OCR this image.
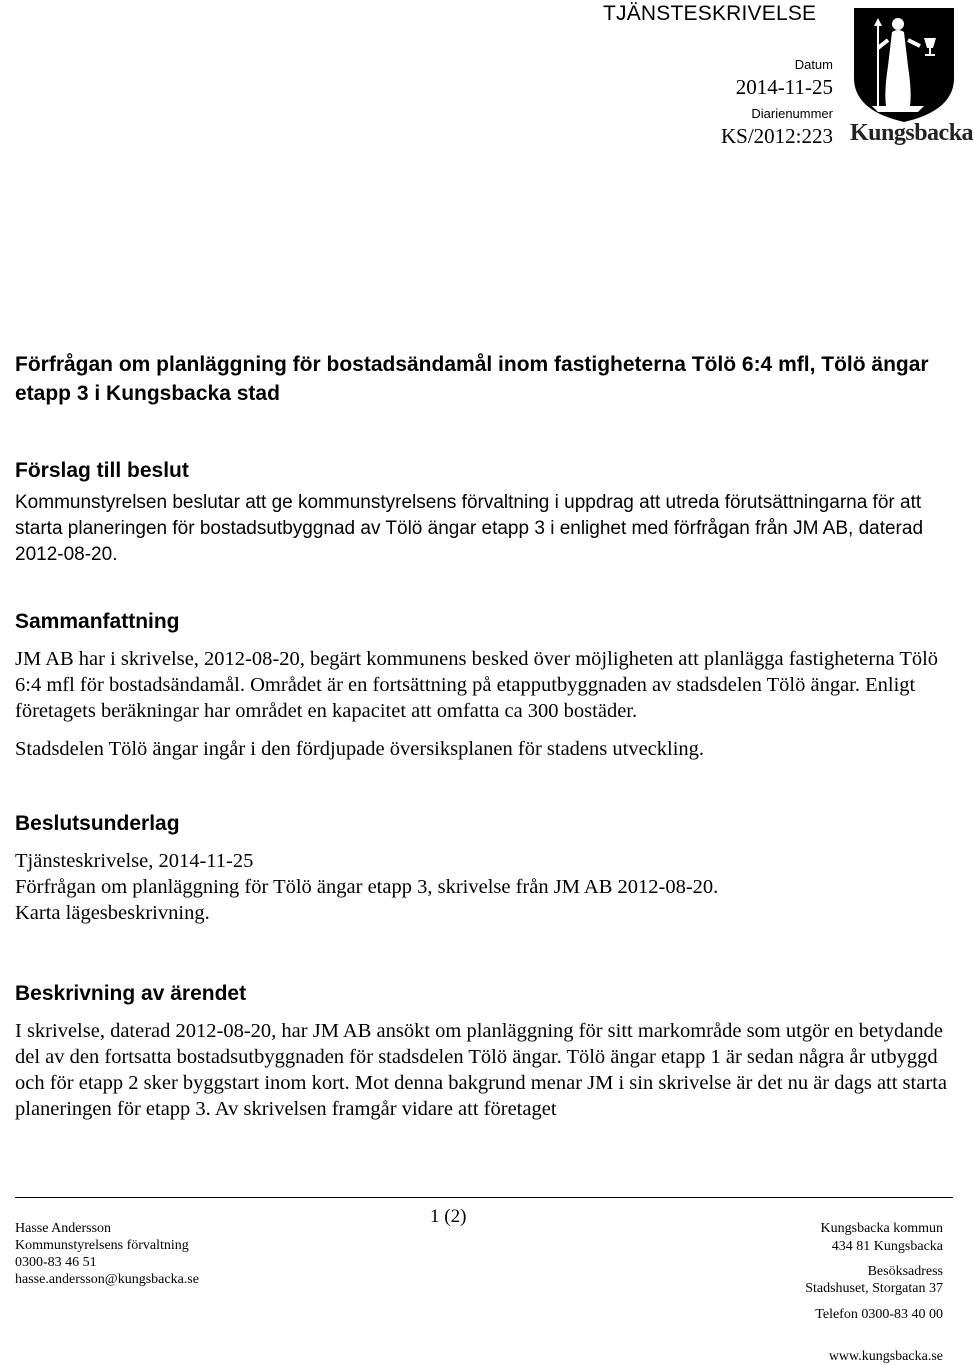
TJÄNSTESKRIVELSE
Datum
2014-11-25
Diarienummer
KS/2012:223 Kungsbacka
Förfrågan om planläggning för bostadsändamål inom fastigheterna Tölö 6:4 mfl, Tölö ängar etapp 3 i Kungsbacka stad
Förslag till beslut

Kommunstyrelsen beslutar att ge kommunstyrelsens förvaltning i uppdrag att utreda förutsättningarna för att starta planeringen för bostadsutbyggnad av Tölö ängar etapp 3 i enlighet med förfrågan från JM AB, daterad 2012-08-20.

Sammanfattning

JM AB har i skrivelse, 2012-08-20, begärt kommunens besked över möjligheten att planlägga fastigheterna Tölö 6:4 mfl för bostadsändamål. Området är en fortsättning på etapputbyggnaden av stadsdelen Tölö ängar. Enligt företagets beräkningar har området en kapacitet att omfatta ca 300 bostäder.

Stadsdelen Tölö ängar ingår i den fördjupade översiksplanen för stadens utveckling.

Beslutsunderlag

Tjänsteskrivelse, 2014-11-25

Förfrågan om planläggning för Tölö ängar etapp 3, skrivelse från JM AB 2012-08-20.

Karta lägesbeskrivning.

Beskrivning av ärendet

I skrivelse, daterad 2012-08-20, har JM AB ansökt om planläggning för sitt markområde som utgör en betydande del av den fortsatta bostadsutbyggnaden för stadsdelen Tölö ängar. Tölö ängar etapp 1 är sedan några år utbyggd och för etapp 2 sker byggstart inom kort. Mot denna bakgrund menar JM i sin skrivelse är det nu är dags att starta planeringen för etapp 3. Av skrivelsen framgår vidare att företaget

1 (2)
Hasse Andersson
Kommunstyrelsens förvaltning
0300-83 46 51
hasse.andersson@kungsbacka.se
Kungsbacka kommun
434 81 Kungsbacka
Besöksadress
Stadshuset, Storgatan 37
Telefon 0300-83 40 00
www.kungsbacka.se
